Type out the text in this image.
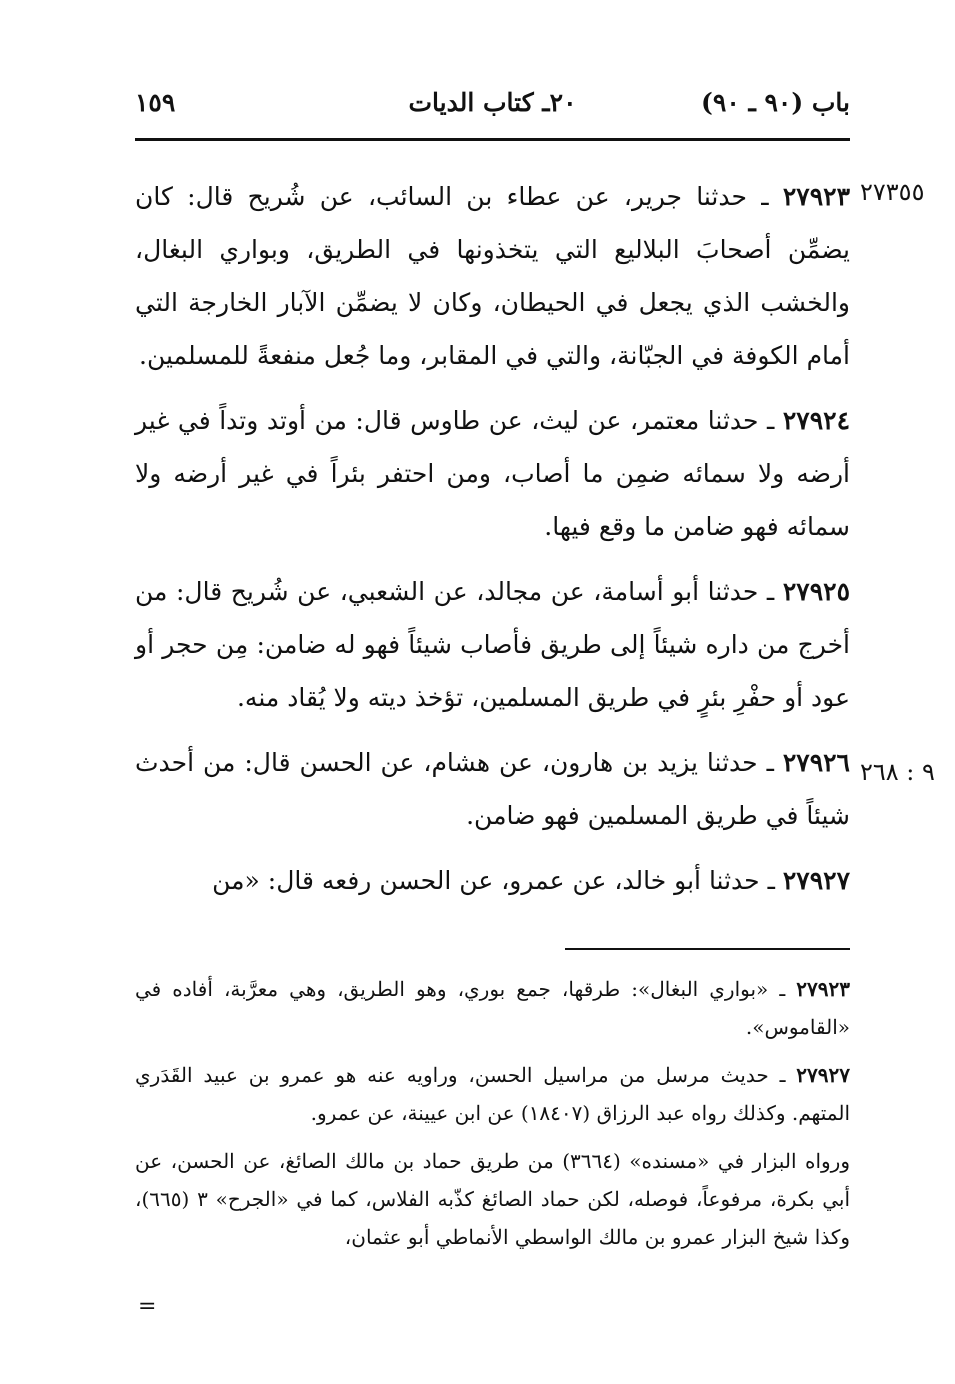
باب (٩٠ ـ ٩٠)
٢٠ـ كتاب الديات
١٥٩
٢٧٣٥٥
٩ : ٢٦٨

٢٧٩٢٣ ـ حدثنا جرير، عن عطاء بن السائب، عن شُريح قال: كان يضمِّن أصحابَ البلاليع التي يتخذونها في الطريق، وبواري البغال، والخشب الذي يجعل في الحيطان، وكان لا يضمِّن الآبار الخارجة التي أمام الكوفة في الجبّانة، والتي في المقابر، وما جُعل منفعةً للمسلمين.

٢٧٩٢٤ ـ حدثنا معتمر، عن ليث، عن طاوس قال: من أوتد وتداً في غير أرضه ولا سمائه ضمِن ما أصاب، ومن احتفر بئراً في غير أرضه ولا سمائه فهو ضامن ما وقع فيها.

٢٧٩٢٥ ـ حدثنا أبو أسامة، عن مجالد، عن الشعبي، عن شُريح قال: من أخرج من داره شيئاً إلى طريق فأصاب شيئاً فهو له ضامن: مِن حجر أو عود أو حفْرِ بئرٍ في طريق المسلمين، تؤخذ ديته ولا يُقاد منه.

٢٧٩٢٦ ـ حدثنا يزيد بن هارون، عن هشام، عن الحسن قال: من أحدث شيئاً في طريق المسلمين فهو ضامن.

٢٧٩٢٧ ـ حدثنا أبو خالد، عن عمرو، عن الحسن رفعه قال: «من

٢٧٩٢٣ ـ «بواري البغال»: طرقها، جمع بوري، وهو الطريق، وهي معرَّبة، أفاده في «القاموس».

٢٧٩٢٧ ـ حديث مرسل من مراسيل الحسن، وراويه عنه هو عمرو بن عبيد القَدَري المتهم. وكذلك رواه عبد الرزاق (١٨٤٠٧) عن ابن عيينة، عن عمرو.

ورواه البزار في «مسنده» (٣٦٦٤) من طريق حماد بن مالك الصائغ، عن الحسن، عن أبي بكرة، مرفوعاً، فوصله، لكن حماد الصائغ كذّبه الفلاس، كما في «الجرح» ٣ (٦٦٥)، وكذا شيخ البزار عمرو بن مالك الواسطي الأنماطي أبو عثمان،

=
